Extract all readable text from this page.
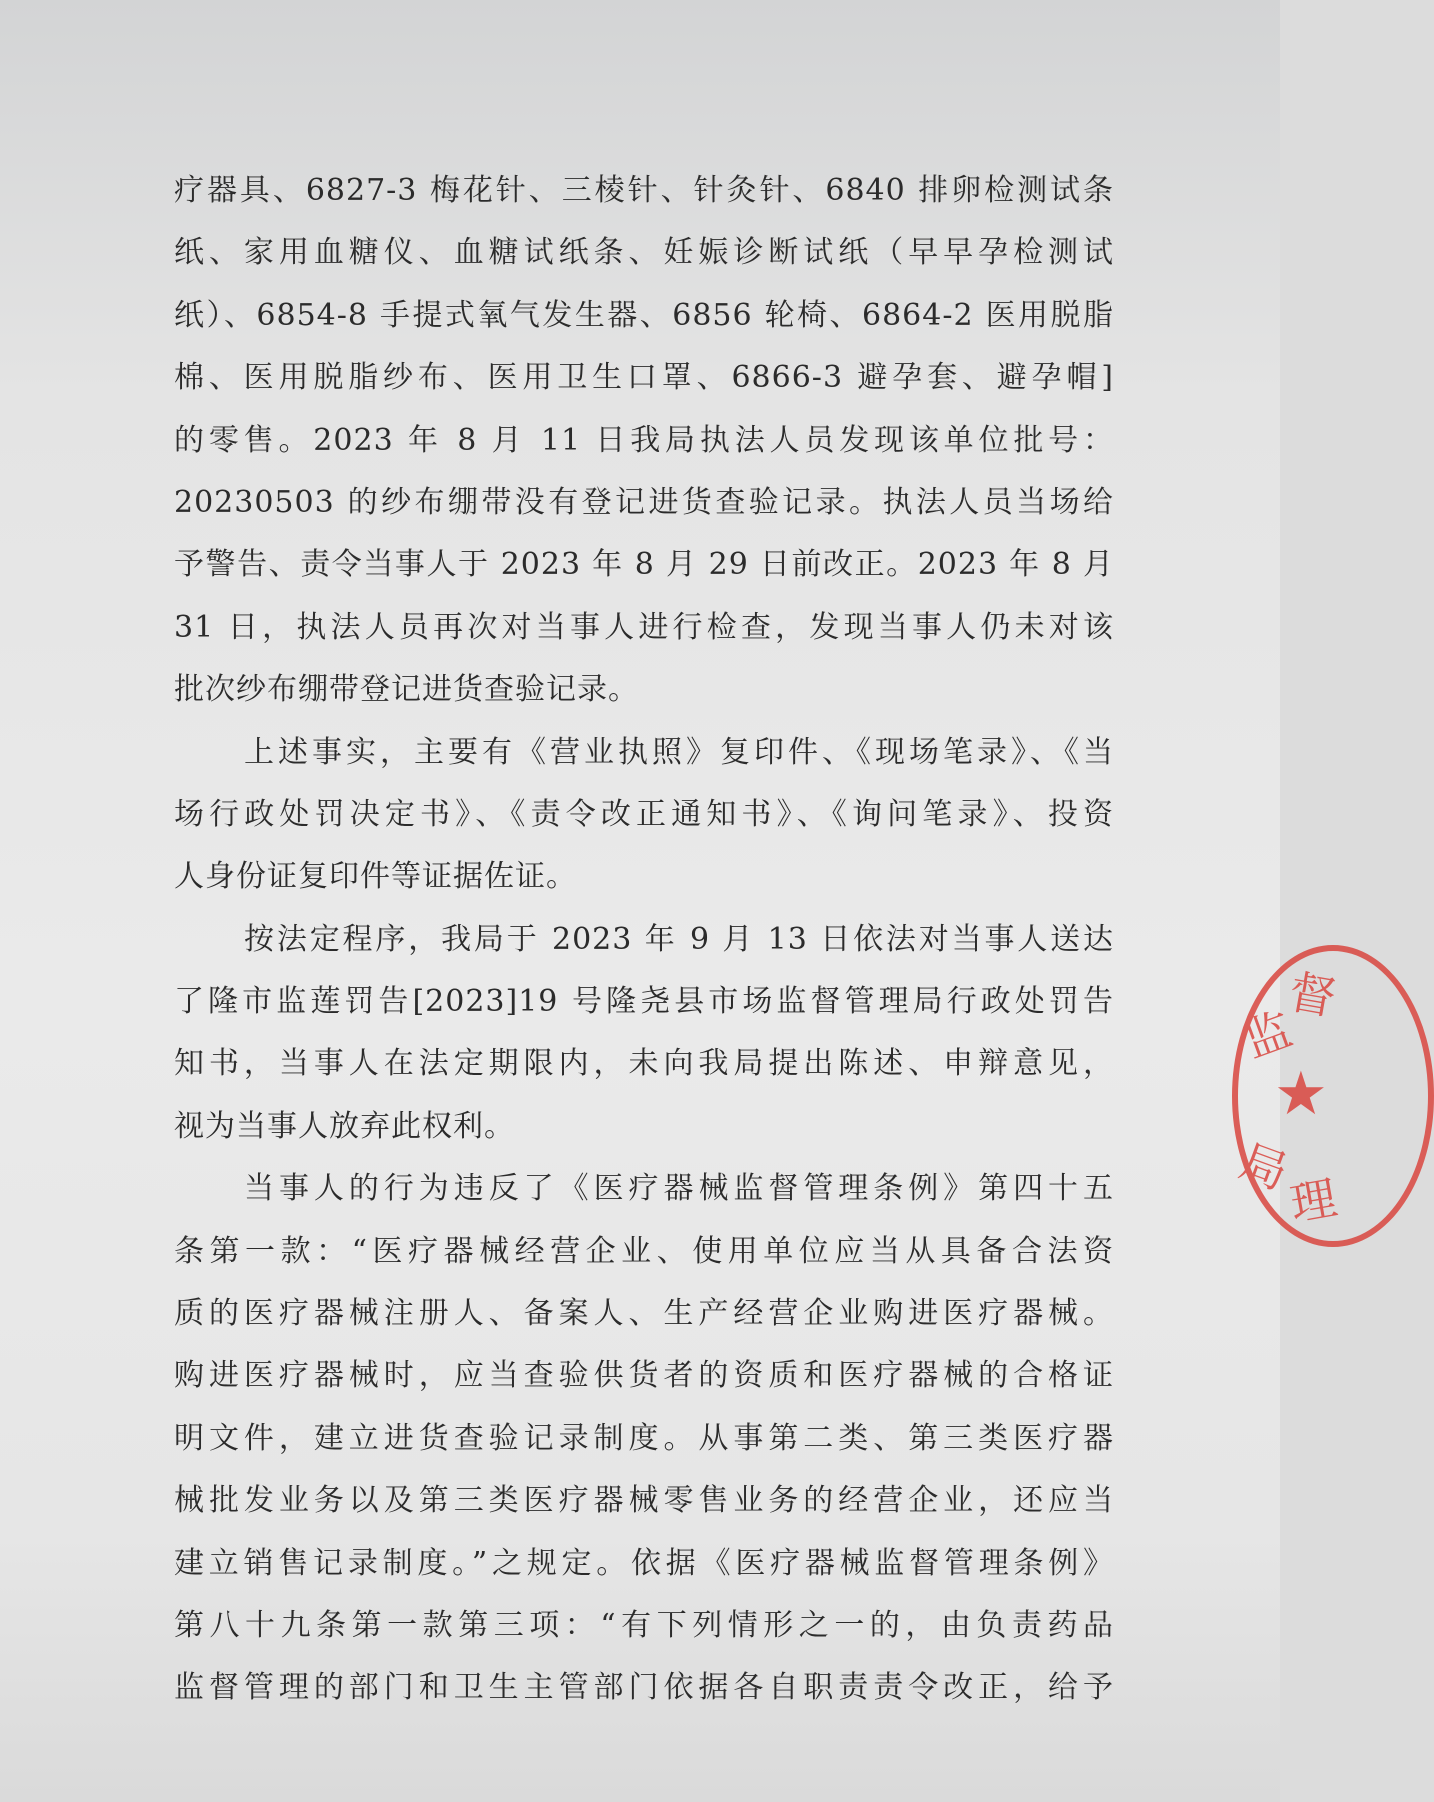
疗器具、6827-3 梅花针、三棱针、针灸针、6840 排卵检测试条
纸、家用血糖仪、血糖试纸条、妊娠诊断试纸（早早孕检测试
纸）、6854-8 手提式氧气发生器、6856 轮椅、6864-2 医用脱脂
棉、医用脱脂纱布、医用卫生口罩、6866-3 避孕套、避孕帽]
的零售。2023 年 8 月 11 日我局执法人员发现该单位批号：
20230503 的纱布绷带没有登记进货查验记录。执法人员当场给
予警告、责令当事人于 2023 年 8 月 29 日前改正。2023 年 8 月
31 日，执法人员再次对当事人进行检查，发现当事人仍未对该
批次纱布绷带登记进货查验记录。
上述事实，主要有《营业执照》复印件、《现场笔录》、《当
场行政处罚决定书》、《责令改正通知书》、《询问笔录》、投资
人身份证复印件等证据佐证。
按法定程序，我局于 2023 年 9 月 13 日依法对当事人送达
了隆市监莲罚告[2023]19 号隆尧县市场监督管理局行政处罚告
知书，当事人在法定期限内，未向我局提出陈述、申辩意见，
视为当事人放弃此权利。
当事人的行为违反了《医疗器械监督管理条例》第四十五
条第一款：“医疗器械经营企业、使用单位应当从具备合法资
质的医疗器械注册人、备案人、生产经营企业购进医疗器械。
购进医疗器械时，应当查验供货者的资质和医疗器械的合格证
明文件，建立进货查验记录制度。从事第二类、第三类医疗器
械批发业务以及第三类医疗器械零售业务的经营企业，还应当
建立销售记录制度。”之规定。依据《医疗器械监督管理条例》
第八十九条第一款第三项：“有下列情形之一的，由负责药品
监督管理的部门和卫生主管部门依据各自职责责令改正，给予
督
监
★
局
理
